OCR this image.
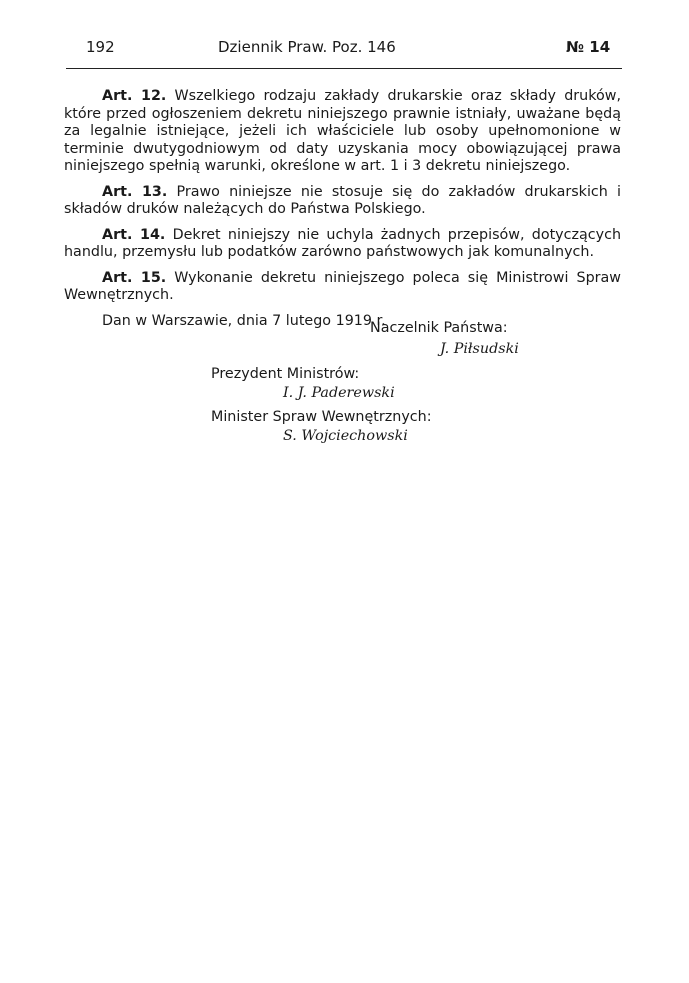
192	Dziennik Praw. Poz. 146	№ 14

Art. 12. Wszelkiego rodzaju zakłady drukarskie oraz składy druków, które przed ogłoszeniem dekretu niniejszego prawnie istniały, uważane będą za legalnie istniejące, jeżeli ich właściciele lub osoby upełnomonione w terminie dwutygodniowym od daty uzyskania mocy obowiązującej prawa niniejszego spełnią warunki, określone w art. 1 i 3 dekretu niniejszego.

Art. 13. Prawo niniejsze nie stosuje się do zakładów drukarskich i składów druków należących do Państwa Polskiego.

Art. 14. Dekret niniejszy nie uchyla żadnych przepisów, dotyczących handlu, przemysłu lub podatków zarówno państwowych jak komunalnych.

Art. 15. Wykonanie dekretu niniejszego poleca się Ministrowi Spraw Wewnętrznych.

Dan w Warszawie, dnia 7 lutego 1919 r.

Naczelnik Państwa:
J. Piłsudski
Prezydent Ministrów:
I. J. Paderewski
Minister Spraw Wewnętrznych:
S. Wojciechowski
